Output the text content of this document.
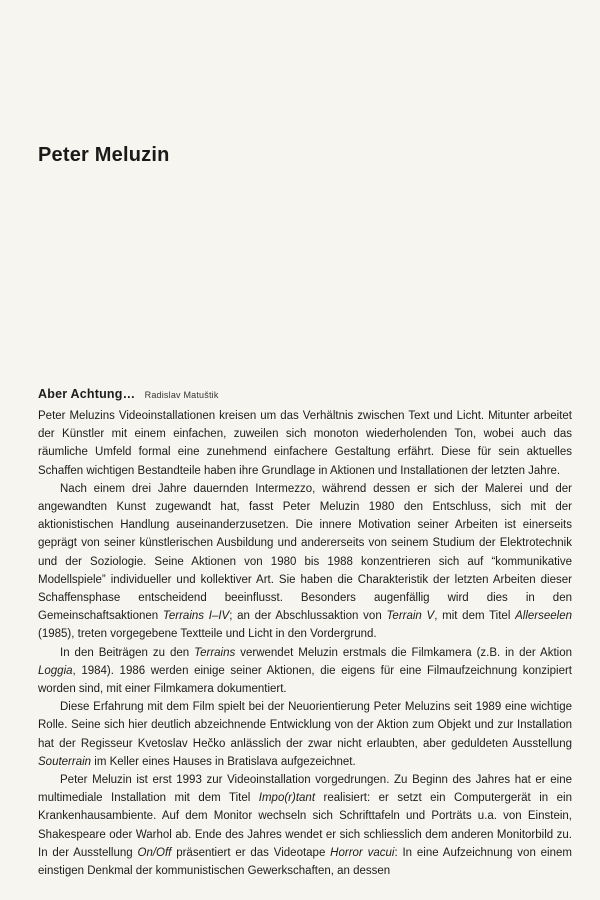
Peter Meluzin
Aber Achtung… Radislav Matuštik

Peter Meluzins Videoinstallationen kreisen um das Verhältnis zwischen Text und Licht. Mitunter arbeitet der Künstler mit einem einfachen, zuweilen sich monoton wiederholenden Ton, wobei auch das räumliche Umfeld formal eine zunehmend einfachere Gestaltung erfährt. Diese für sein aktuelles Schaffen wichtigen Bestandteile haben ihre Grundlage in Aktionen und Installationen der letzten Jahre.

Nach einem drei Jahre dauernden Intermezzo, während dessen er sich der Malerei und der angewandten Kunst zugewandt hat, fasst Peter Meluzin 1980 den Entschluss, sich mit der aktionistischen Handlung auseinanderzusetzen. Die innere Motivation seiner Arbeiten ist einerseits geprägt von seiner künstlerischen Ausbildung und andererseits von seinem Studium der Elektrotechnik und der Soziologie. Seine Aktionen von 1980 bis 1988 konzentrieren sich auf “kommunikative Modellspiele” individueller und kollektiver Art. Sie haben die Charakteristik der letzten Arbeiten dieser Schaffensphase entscheidend beeinflusst. Besonders augenfällig wird dies in den Gemeinschaftsaktionen Terrains I–IV; an der Abschlussaktion von Terrain V, mit dem Titel Allerseelen (1985), treten vorgegebene Textteile und Licht in den Vordergrund.

In den Beiträgen zu den Terrains verwendet Meluzin erstmals die Filmkamera (z.B. in der Aktion Loggia, 1984). 1986 werden einige seiner Aktionen, die eigens für eine Filmaufzeichnung konzipiert worden sind, mit einer Filmkamera dokumentiert.

Diese Erfahrung mit dem Film spielt bei der Neuorientierung Peter Meluzins seit 1989 eine wichtige Rolle. Seine sich hier deutlich abzeichnende Entwicklung von der Aktion zum Objekt und zur Installation hat der Regisseur Kvetoslav Hečko anlässlich der zwar nicht erlaubten, aber geduldeten Ausstellung Souterrain im Keller eines Hauses in Bratislava aufgezeichnet.

Peter Meluzin ist erst 1993 zur Videoinstallation vorgedrungen. Zu Beginn des Jahres hat er eine multimediale Installation mit dem Titel Impo(r)tant realisiert: er setzt ein Computergerät in ein Krankenhausambiente. Auf dem Monitor wechseln sich Schrifttafeln und Porträts u.a. von Einstein, Shakespeare oder Warhol ab. Ende des Jahres wendet er sich schliesslich dem anderen Monitorbild zu. In der Ausstellung On/Off präsentiert er das Videotape Horror vacui: In eine Aufzeichnung von einem einstigen Denkmal der kommunistischen Gewerkschaften, an dessen
